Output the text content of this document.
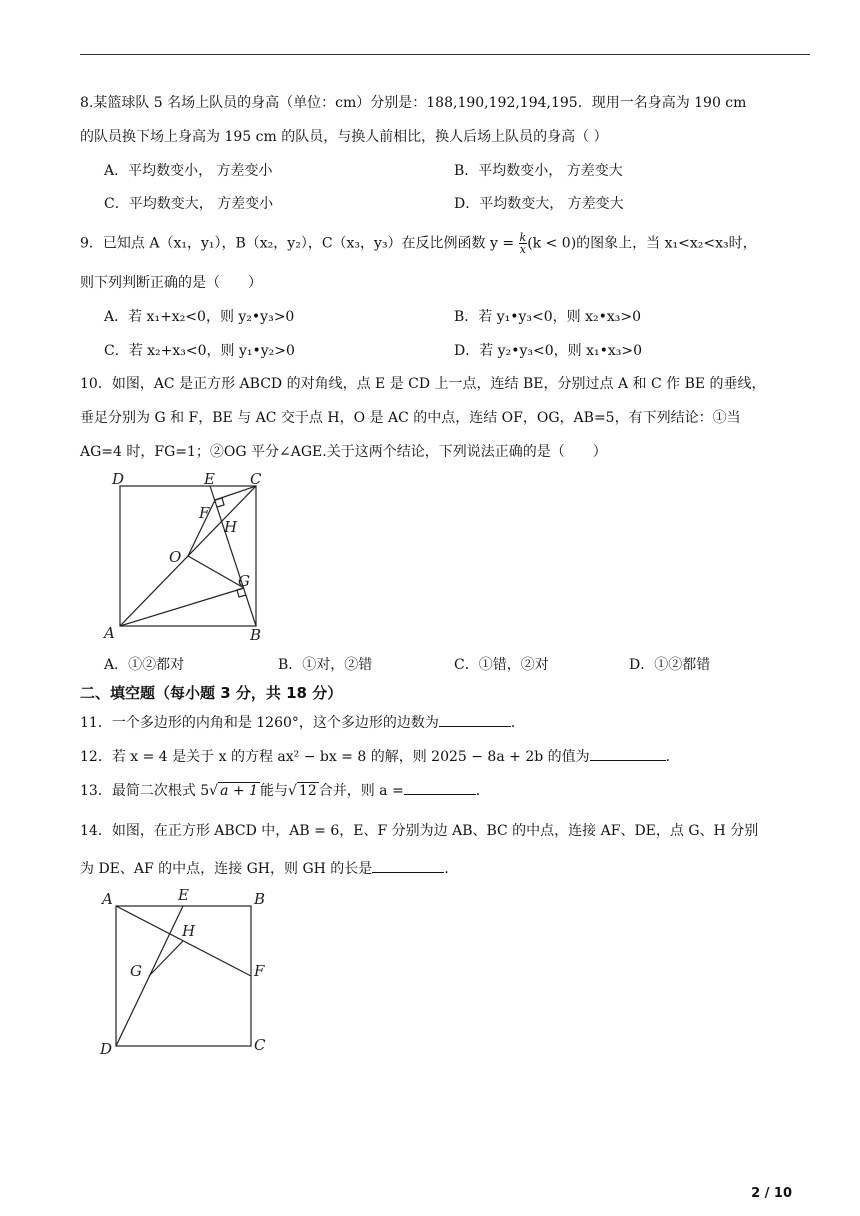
8.某篮球队 5 名场上队员的身高（单位：cm）分别是：188,190,192,194,195．现用一名身高为 190 cm
的队员换下场上身高为 195 cm 的队员，与换人前相比，换人后场上队员的身高（ ）
A．平均数变小， 方差变小	B．平均数变小， 方差变大
C．平均数变大， 方差变小	D．平均数变大， 方差变大
9．已知点 A（x₁，y₁），B（x₂，y₂），C（x₃，y₃）在反比例函数 $y = \frac{k}{x} (k < 0)$的图象上，当 x₁<x₂<x₃时，
则下列判断正确的是（　　）
A．若 x₁+x₂<0，则 y₂•y₃>0	B．若 y₁•y₃<0，则 x₂•x₃>0
C．若 x₂+x₃<0，则 y₁•y₂>0	D．若 y₂•y₃<0，则 x₁•x₃>0
10．如图，AC 是正方形 ABCD 的对角线，点 E 是 CD 上一点，连结 BE，分别过点 A 和 C 作 BE 的垂线，
垂足分别为 G 和 F，BE 与 AC 交于点 H，O 是 AC 的中点，连结 OF，OG，AB=5，有下列结论：①当
AG=4 时，FG=1；②OG 平分∠AGE.关于这两个结论，下列说法正确的是（　　）
D	E C
F
H
O
G
A	B
A．①②都对	B．①对，②错	C．①错，②对	D．①②都错
二、填空题（每小题 3 分，共 18 分）
11．一个多边形的内角和是 1260°，这个多边形的边数为	．
12．若 x = 4 是关于 x 的方程 ax² − bx = 8 的解，则 2025 − 8a + 2b 的值为	．
13．最简二次根式 5√ a + 1 能与√ 12 合并，则 a =	．
14．如图，在正方形 ABCD 中，AB = 6，E、F 分别为边 AB、BC 的中点，连接 AF、DE，点 G、H 分别
为 DE、AF 的中点，连接 GH，则 GH 的长是	．
A	E	B
H
G	F
D	C
2 / 10
